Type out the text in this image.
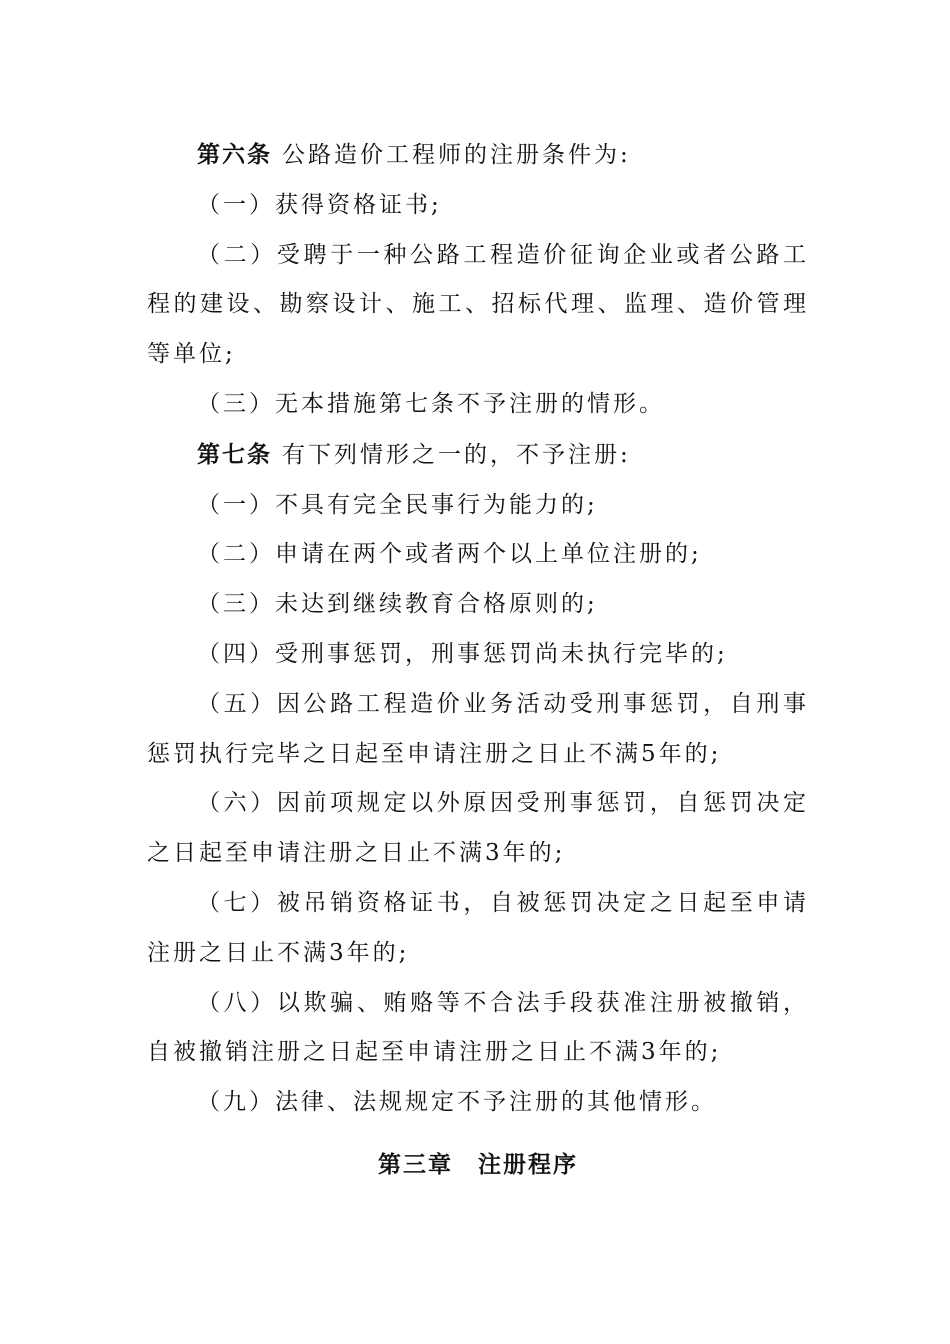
第六条 公路造价工程师的注册条件为:

（一）获得资格证书;

（二）受聘于一种公路工程造价征询企业或者公路工程的建设、勘察设计、施工、招标代理、监理、造价管理等单位;

（三）无本措施第七条不予注册的情形。

第七条 有下列情形之一的，不予注册:

（一）不具有完全民事行为能力的;

（二）申请在两个或者两个以上单位注册的;

（三）未达到继续教育合格原则的;

（四）受刑事惩罚，刑事惩罚尚未执行完毕的;

（五）因公路工程造价业务活动受刑事惩罚，自刑事惩罚执行完毕之日起至申请注册之日止不满5年的;

（六）因前项规定以外原因受刑事惩罚，自惩罚决定之日起至申请注册之日止不满3年的;

（七）被吊销资格证书，自被惩罚决定之日起至申请注册之日止不满3年的;

（八）以欺骗、贿赂等不合法手段获准注册被撤销，自被撤销注册之日起至申请注册之日止不满3年的;

（九）法律、法规规定不予注册的其他情形。

第三章　注册程序
